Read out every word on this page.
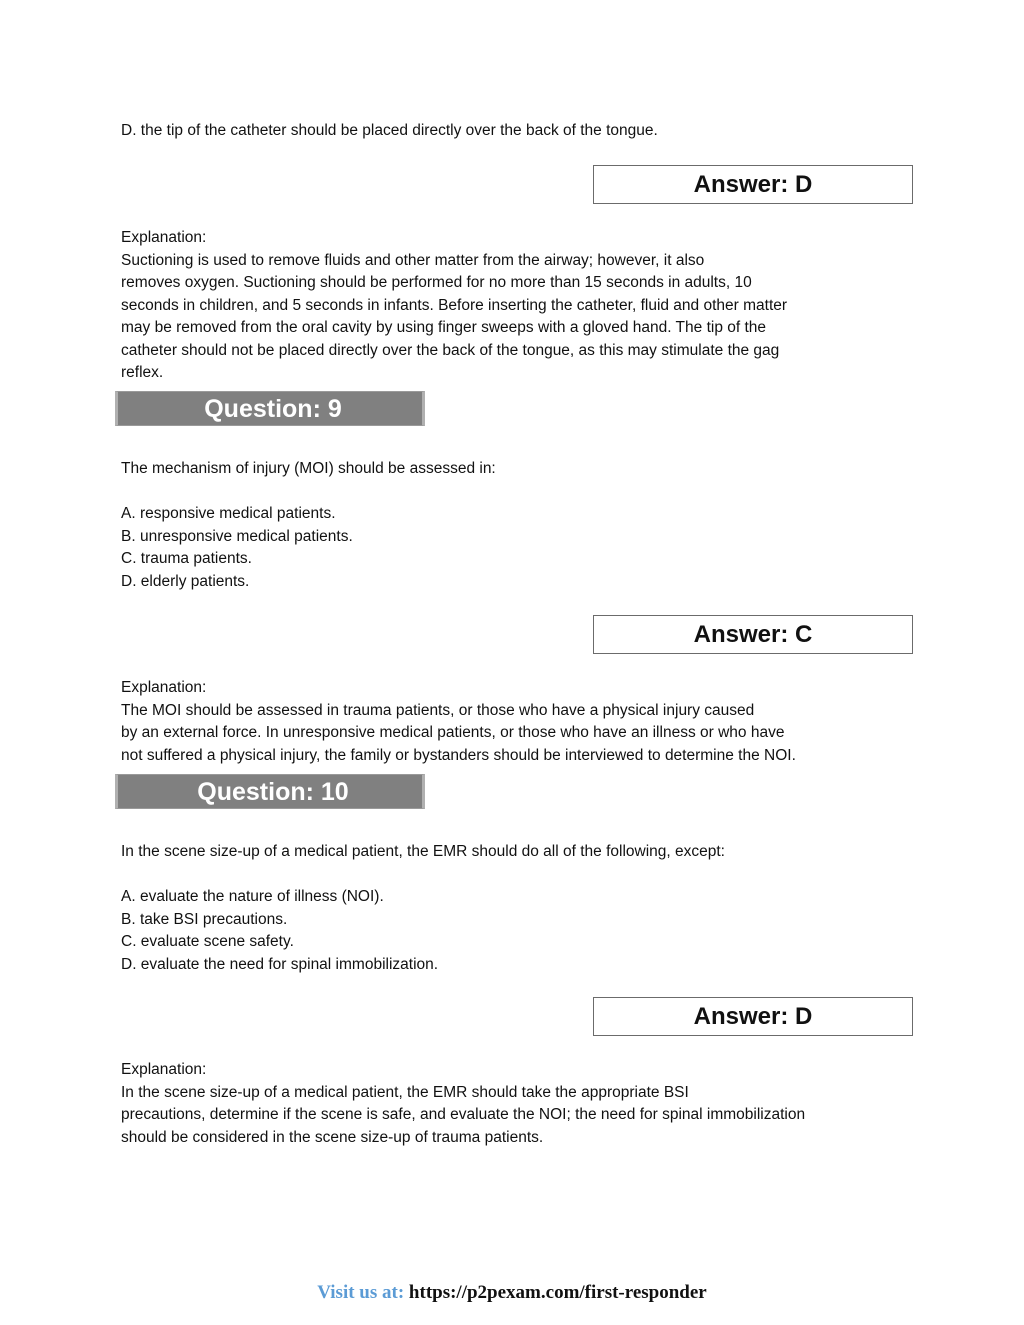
D. the tip of the catheter should be placed directly over the back of the tongue.
Answer: D
Explanation:
Suctioning is used to remove fluids and other matter from the airway; however, it also
removes oxygen. Suctioning should be performed for no more than 15 seconds in adults, 10
seconds in children, and 5 seconds in infants. Before inserting the catheter, fluid and other matter
may be removed from the oral cavity by using finger sweeps with a gloved hand. The tip of the
catheter should not be placed directly over the back of the tongue, as this may stimulate the gag
reflex.
Question: 9
The mechanism of injury (MOI) should be assessed in:
A. responsive medical patients.
B. unresponsive medical patients.
C. trauma patients.
D. elderly patients.
Answer: C
Explanation:
The MOI should be assessed in trauma patients, or those who have a physical injury caused
by an external force. In unresponsive medical patients, or those who have an illness or who have
not suffered a physical injury, the family or bystanders should be interviewed to determine the NOI.
Question: 10
In the scene size-up of a medical patient, the EMR should do all of the following, except:
A. evaluate the nature of illness (NOI).
B. take BSI precautions.
C. evaluate scene safety.
D. evaluate the need for spinal immobilization.
Answer: D
Explanation:
In the scene size-up of a medical patient, the EMR should take the appropriate BSI
precautions, determine if the scene is safe, and evaluate the NOI; the need for spinal immobilization
should be considered in the scene size-up of trauma patients.
Visit us at: https://p2pexam.com/first-responder
